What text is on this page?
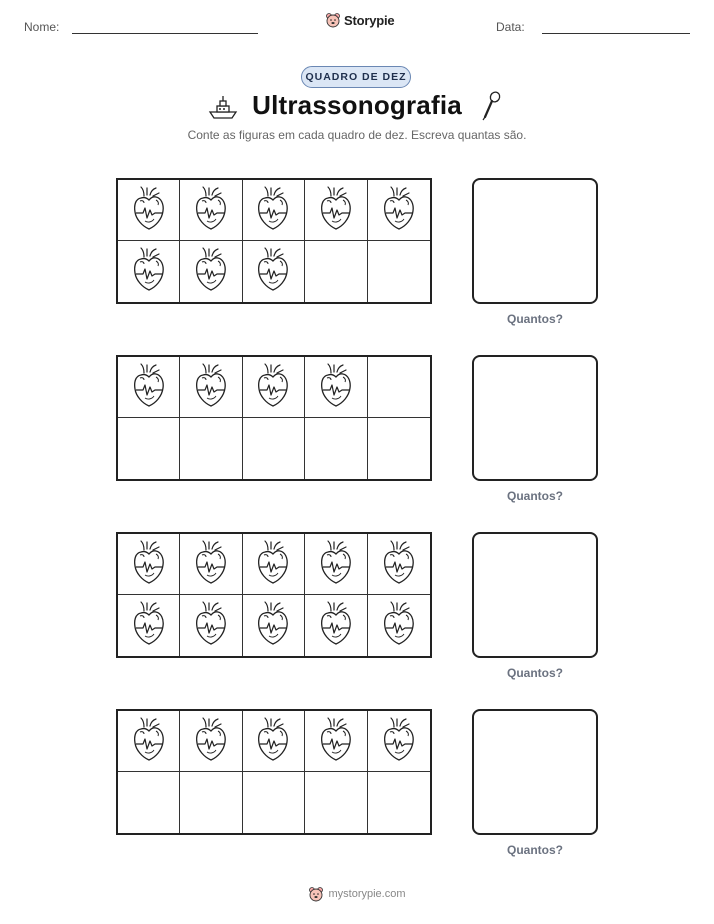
Nome:	Storypie	Data:
QUADRO DE DEZ
Ultrassonografia
Conte as figuras em cada quadro de dez. Escreva quantas são.
Quantos?
Quantos?
Quantos?
Quantos?
mystorypie.com
